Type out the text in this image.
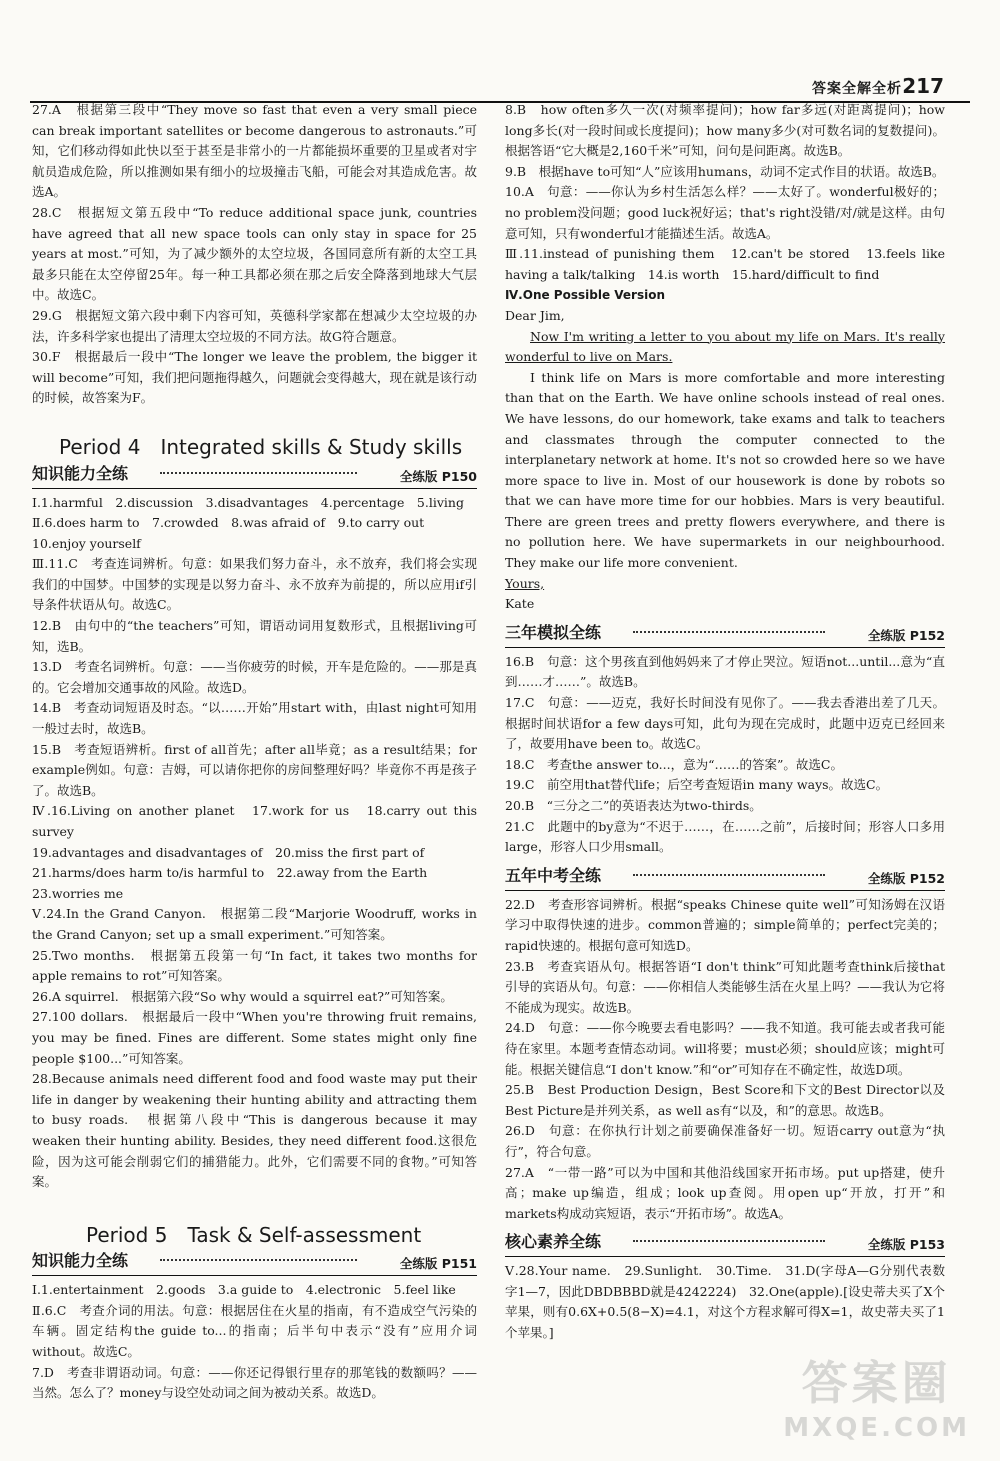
答案全解全析 217

27.A　根据第三段中“They move so fast that even a very small piece can break important satellites or become dangerous to astronauts.”可知，它们移动得如此快以至于甚至是非常小的一片都能损坏重要的卫星或者对宇航员造成危险，所以推测如果有细小的垃圾撞击飞船，可能会对其造成危害。故选A。

28.C　根据短文第五段中“To reduce additional space junk, countries have agreed that all new space tools can only stay in space for 25 years at most.”可知，为了减少额外的太空垃圾，各国同意所有新的太空工具最多只能在太空停留25年。每一种工具都必须在那之后安全降落到地球大气层中。故选C。

29.G　根据短文第六段中剩下内容可知，英德科学家都在想减少太空垃圾的办法，许多科学家也提出了清理太空垃圾的不同方法。故G符合题意。

30.F　根据最后一段中“The longer we leave the problem, the bigger it will become”可知，我们把问题拖得越久，问题就会变得越大，现在就是该行动的时候，故答案为F。

Period 4　Integrated skills & Study skills
知识能力全练	全练版 P150

Ⅰ.1.harmful　2.discussion　3.disadvantages　4.percentage　5.living

Ⅱ.6.does harm to　7.crowded　8.was afraid of　9.to carry out

10.enjoy yourself

Ⅲ.11.C　考查连词辨析。句意：如果我们努力奋斗，永不放弃，我们将会实现我们的中国梦。中国梦的实现是以努力奋斗、永不放弃为前提的，所以应用if引导条件状语从句。故选C。

12.B　由句中的“the teachers”可知，谓语动词用复数形式，且根据living可知，选B。

13.D　考查名词辨析。句意：——当你疲劳的时候，开车是危险的。——那是真的。它会增加交通事故的风险。故选D。

14.B　考查动词短语及时态。“以……开始”用start with，由last night可知用一般过去时，故选B。

15.B　考查短语辨析。first of all首先；after all毕竟；as a result结果；for example例如。句意：吉姆，可以请你把你的房间整理好吗？毕竟你不再是孩子了。故选B。

Ⅳ.16.Living on another planet　17.work for us　18.carry out this survey

19.advantages and disadvantages of　20.miss the first part of

21.harms/does harm to/is harmful to　22.away from the Earth

23.worries me

Ⅴ.24.In the Grand Canyon.　根据第二段“Marjorie Woodruff, works in the Grand Canyon; set up a small experiment.”可知答案。

25.Two months.　根据第五段第一句“In fact, it takes two months for apple remains to rot”可知答案。

26.A squirrel.　根据第六段“So why would a squirrel eat?”可知答案。

27.100 dollars.　根据最后一段中“When you're throwing fruit remains, you may be fined. Fines are different. Some states might only fine people $100...”可知答案。

28.Because animals need different food and food waste may put their life in danger by weakening their hunting ability and attracting them to busy roads.　根据第八段中“This is dangerous because it may weaken their hunting ability. Besides, they need different food.这很危险，因为这可能会削弱它们的捕猎能力。此外，它们需要不同的食物。”可知答案。

Period 5　Task & Self-assessment
知识能力全练	全练版 P151

Ⅰ.1.entertainment　2.goods　3.a guide to　4.electronic　5.feel like

Ⅱ.6.C　考查介词的用法。句意：根据居住在火星的指南，有不造成空气污染的车辆。固定结构the guide to...的指南；后半句中表示“没有”应用介词without。故选C。

7.D　考查非谓语动词。句意：——你还记得银行里存的那笔钱的数额吗？——当然。怎么了？money与设空处动词之间为被动关系。故选D。

8.B　how often多久一次(对频率提问)；how far多远(对距离提问)；how long多长(对一段时间或长度提问)；how many多少(对可数名词的复数提问)。根据答语“它大概是2,160千米”可知，问句是问距离。故选B。

9.B　根据have to可知“人”应该用humans，动词不定式作目的状语。故选B。

10.A　句意：——你认为乡村生活怎么样？——太好了。wonderful极好的；no problem没问题；good luck祝好运；that's right没错/对/就是这样。由句意可知，只有wonderful才能描述生活。故选A。

Ⅲ.11.instead of punishing them　12.can't be stored　13.feels like having a talk/talking　14.is worth　15.hard/difficult to find

Ⅳ.One Possible Version

Dear Jim,

Now I'm writing a letter to you about my life on Mars. It's really wonderful to live on Mars.

I think life on Mars is more comfortable and more interesting than that on the Earth. We have online schools instead of real ones. We have lessons, do our homework, take exams and talk to teachers and classmates through the computer connected to the interplanetary network at home. It's not so crowded here so we have more space to live in. Most of our housework is done by robots so that we can have more time for our hobbies. Mars is very beautiful. There are green trees and pretty flowers everywhere, and there is no pollution here. We have supermarkets in our neighbourhood. They make our life more convenient.

Yours,

Kate

三年模拟全练	全练版 P152

16.B　句意：这个男孩直到他妈妈来了才停止哭泣。短语not...until...意为“直到……才……”。故选B。

17.C　句意：——迈克，我好长时间没有见你了。——我去香港出差了几天。根据时间状语for a few days可知，此句为现在完成时，此题中迈克已经回来了，故要用have been to。故选C。

18.C　考查the answer to...，意为“……的答案”。故选C。

19.C　前空用that替代life；后空考查短语in many ways。故选C。

20.B　“三分之二”的英语表达为two-thirds。

21.C　此题中的by意为“不迟于……，在……之前”，后接时间；形容人口多用large，形容人口少用small。

五年中考全练	全练版 P152

22.D　考查形容词辨析。根据“speaks Chinese quite well”可知汤姆在汉语学习中取得快速的进步。common普遍的；simple简单的；perfect完美的；rapid快速的。根据句意可知选D。

23.B　考查宾语从句。根据答语“I don't think”可知此题考查think后接that引导的宾语从句。句意：——你相信人类能够生活在火星上吗？——我认为它将不能成为现实。故选B。

24.D　句意：——你今晚要去看电影吗？——我不知道。我可能去或者我可能待在家里。本题考查情态动词。will将要；must必须；should应该；might可能。根据关键信息“I don't know.”和“or”可知存在不确定性，故选D项。

25.B　Best Production Design，Best Score和下文的Best Director以及Best Picture是并列关系，as well as有“以及，和”的意思。故选B。

26.D　句意：在你执行计划之前要确保准备好一切。短语carry out意为“执行”，符合句意。

27.A　“一带一路”可以为中国和其他沿线国家开拓市场。put up搭建，使升高；make up编造，组成；look up查阅。用open up“开放，打开”和markets构成动宾短语，表示“开拓市场”。故选A。

核心素养全练	全练版 P153

Ⅴ.28.Your name.　29.Sunlight.　30.Time.　31.D(字母A—G分别代表数字1—7，因此DBDBBBD就是4242224)　32.One(apple).[设史蒂夫买了X个苹果，则有0.6X+0.5(8−X)=4.1，对这个方程求解可得X=1，故史蒂夫买了1个苹果。]

答案圈
MXQE.COM
